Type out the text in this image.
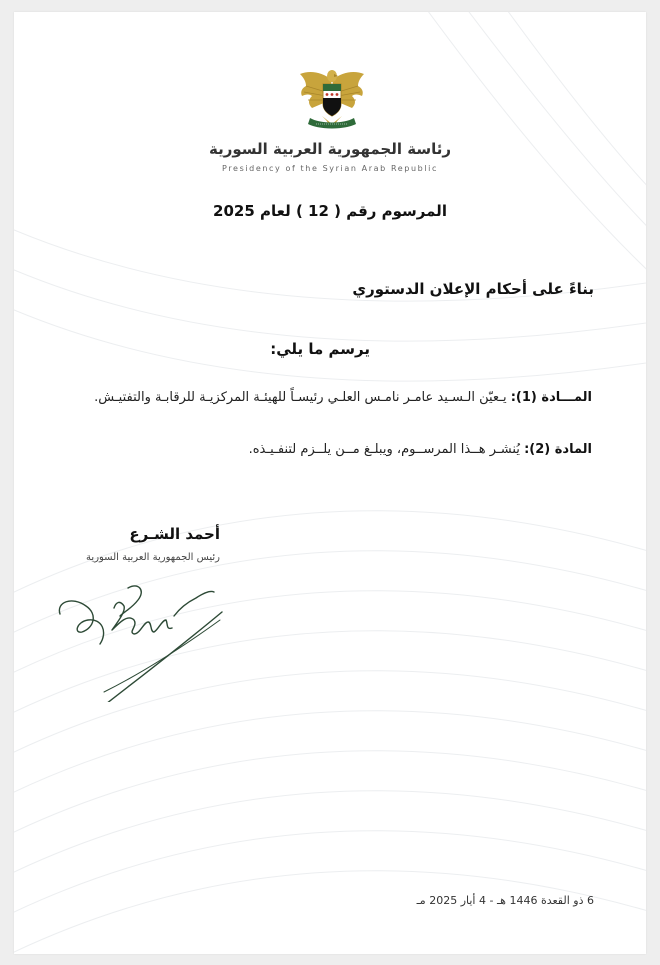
رئاسة الجمهورية العربية السورية
Presidency of the Syrian Arab Republic
المرسوم رقم ( 12 ) لعام 2025
بناءً على أحكام الإعلان الدستوري
يرسم ما يلي:
المـــادة (1): يـعيّن الـسـيد عامـر نامـس العلـي رئيسـاً للهيئـة المركزيـة للرقابـة والتفتيـش.
المادة (2): يُنشـر هــذا المرســوم، ويبلـغ مــن يلــزم لتنفـيـذه.
أحمد الشـرع
رئيس الجمهورية العربية السورية
6 ذو القعدة 1446 هـ - 4 أيار 2025 مـ
